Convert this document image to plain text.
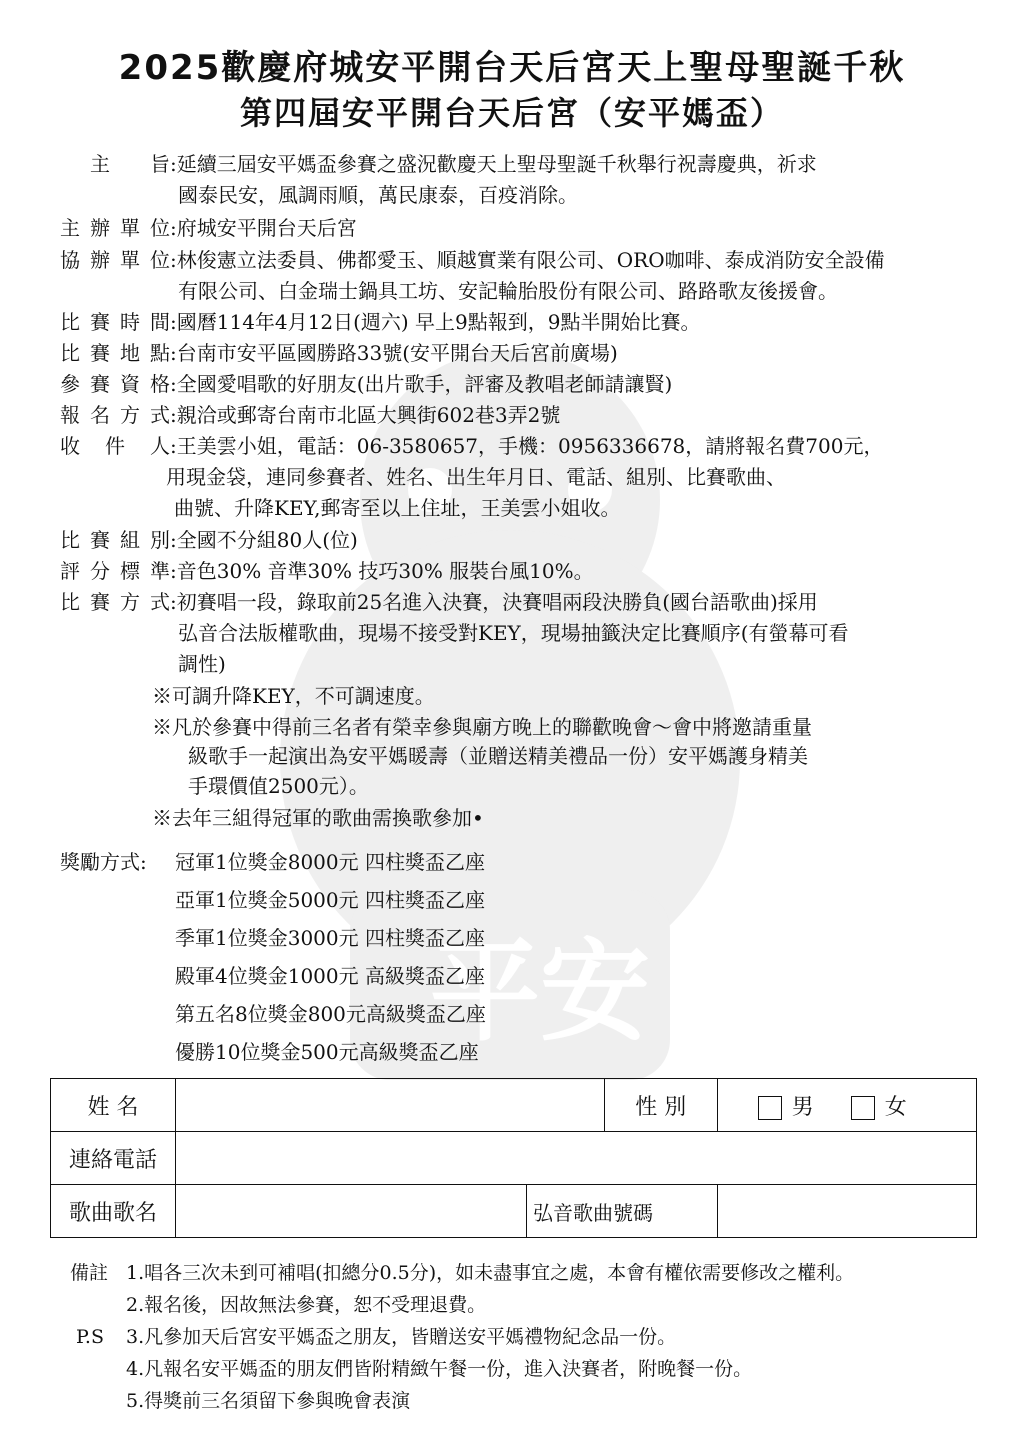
平安
2025歡慶府城安平開台天后宮天上聖母聖誕千秋
第四屆安平開台天后宮（安平媽盃）
主　旨:延續三屆安平媽盃參賽之盛況歡慶天上聖母聖誕千秋舉行祝壽慶典，祈求
國泰民安，風調雨順，萬民康泰，百疫消除。
主辦單位:府城安平開台天后宮
協辦單位:林俊憲立法委員、佛都愛玉、順越實業有限公司、ORO咖啡、泰成消防安全設備
有限公司、白金瑞士鍋具工坊、安記輪胎股份有限公司、路路歌友後援會。
比賽時間:國曆114年4月12日(週六) 早上9點報到，9點半開始比賽。
比賽地點:台南市安平區國勝路33號(安平開台天后宮前廣場)
參賽資格:全國愛唱歌的好朋友(出片歌手，評審及教唱老師請讓賢)
報名方式:親洽或郵寄台南市北區大興街602巷3弄2號
收 件 人:王美雲小姐，電話：06-3580657，手機：0956336678，請將報名費700元，
用現金袋，連同參賽者、姓名、出生年月日、電話、組別、比賽歌曲、
曲號、升降KEY,郵寄至以上住址，王美雲小姐收。
比賽組別:全國不分組80人(位)
評分標準:音色30% 音準30% 技巧30% 服裝台風10%。
比賽方式:初賽唱一段，錄取前25名進入決賽，決賽唱兩段決勝負(國台語歌曲)採用
弘音合法版權歌曲，現場不接受對KEY，現場抽籤決定比賽順序(有螢幕可看
調性)
※可調升降KEY，不可調速度。
※凡於參賽中得前三名者有榮幸參與廟方晚上的聯歡晚會～會中將邀請重量
級歌手一起演出為安平媽暖壽（並贈送精美禮品一份）安平媽護身精美
手環價值2500元）。
※去年三組得冠軍的歌曲需換歌參加•
獎勵方式: 冠軍1位獎金8000元 四柱獎盃乙座
亞軍1位獎金5000元 四柱獎盃乙座
季軍1位獎金3000元 四柱獎盃乙座
殿軍4位獎金1000元 高級獎盃乙座
第五名8位獎金800元高級獎盃乙座
優勝10位獎金500元高級獎盃乙座
姓 名			性 別	男 女
連絡電話				
歌曲歌名		弘音歌曲號碼		
備註 1.唱各三次未到可補唱(扣總分0.5分)，如未盡事宜之處，本會有權依需要修改之權利。
2.報名後，因故無法參賽，恕不受理退費。
P.S 3.凡參加天后宮安平媽盃之朋友，皆贈送安平媽禮物紀念品一份。
4.凡報名安平媽盃的朋友們皆附精緻午餐一份，進入決賽者，附晚餐一份。
5.得獎前三名須留下參與晚會表演
